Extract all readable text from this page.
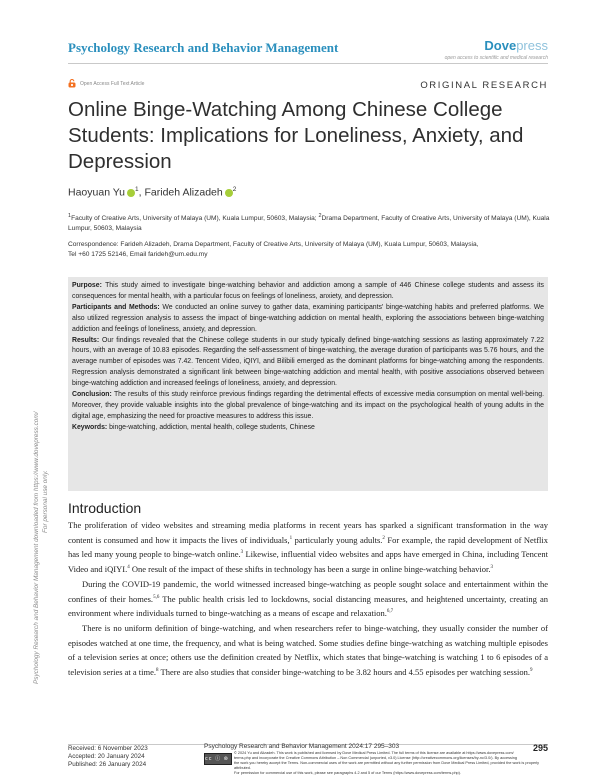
Psychology Research and Behavior Management	Dovepress
open access to scientific and medical research
Open Access Full Text Article	ORIGINAL RESEARCH
Online Binge-Watching Among Chinese College Students: Implications for Loneliness, Anxiety, and Depression
Haoyuan Yu $^1$, Farideh Alizadeh $^2$
$^1$Faculty of Creative Arts, University of Malaya (UM), Kuala Lumpur, 50603, Malaysia; $^2$Drama Department, Faculty of Creative Arts, University of Malaya (UM), Kuala Lumpur, 50603, Malaysia
Correspondence: Farideh Alizadeh, Drama Department, Faculty of Creative Arts, University of Malaya (UM), Kuala Lumpur, 50603, Malaysia,
Tel +60 1725 52146, Email farideh@um.edu.my

Purpose: This study aimed to investigate binge-watching behavior and addiction among a sample of 446 Chinese college students and assess its consequences for mental health, with a particular focus on feelings of loneliness, anxiety, and depression.

Participants and Methods: We conducted an online survey to gather data, examining participants' binge-watching habits and preferred platforms. We also utilized regression analysis to assess the impact of binge-watching addiction on mental health, exploring the associations between binge-watching addiction and feelings of loneliness, anxiety, and depression.

Results: Our findings revealed that the Chinese college students in our study typically defined binge-watching sessions as lasting approximately 7.22 hours, with an average of 10.83 episodes. Regarding the self-assessment of binge-watching, the average duration of participants was 5.76 hours, and the average number of episodes was 7.42. Tencent Video, iQIYI, and Bilibili emerged as the dominant platforms for binge-watching among the respondents. Regression analysis demonstrated a significant link between binge-watching addiction and mental health, with positive associations observed between binge-watching addiction and increased feelings of loneliness, anxiety, and depression.

Conclusion: The results of this study reinforce previous findings regarding the detrimental effects of excessive media consumption on mental well-being. Moreover, they provide valuable insights into the global prevalence of binge-watching and its impact on the psychological health of young adults in the digital age, emphasizing the need for proactive measures to address this issue.

Keywords: binge-watching, addiction, mental health, college students, Chinese

Introduction

The proliferation of video websites and streaming media platforms in recent years has sparked a significant transformation in the way content is consumed and how it impacts the lives of individuals,$^1$ particularly young adults.$^2$ For example, the rapid development of Netflix has led many young people to binge-watch online.$^3$ Likewise, influential video websites and apps have emerged in China, including Tencent Video and iQIYI.$^4$ One result of the impact of these shifts in technology has been a surge in online binge-watching behavior.$^3$

During the COVID-19 pandemic, the world witnessed increased binge-watching as people sought solace and entertainment within the confines of their homes.$^{5,6}$ The public health crisis led to lockdowns, social distancing measures, and heightened uncertainty, creating an environment where individuals turned to binge-watching as a means of escape and relaxation.$^{6,7}$

There is no uniform definition of binge-watching, and when researchers refer to binge-watching, they usually consider the number of episodes watched at one time, the frequency, and what is being watched. Some studies define binge-watching as watching multiple episodes of a television series at once; others use the definition created by Netflix, which states that binge-watching is watching 1 to 6 episodes of a television series at a time.$^8$ There are also studies that consider binge-watching to be 3.82 hours and 4.55 episodes per watching session.$^9$

Psychology Research and Behavior Management downloaded from https://www.dovepress.com/ For personal use only.
Received: 6 November 2023
Accepted: 20 January 2024
Published: 26 January 2024
Psychology Research and Behavior Management 2024:17 295–303	295
cc ⓘ ⊜
© 2024 Yu and Alizadeh. This work is published and licensed by Dove Medical Press Limited. The full terms of this license are available at https://www.dovepress.com/
terms.php and incorporate the Creative Commons Attribution – Non Commercial (unported, v3.0) License (http://creativecommons.org/licenses/by-nc/3.0/). By accessing
the work you hereby accept the Terms. Non-commercial uses of the work are permitted without any further permission from Dove Medical Press Limited, provided the work is properly attributed.
For permission for commercial use of this work, please see paragraphs 4.2 and 5 of our Terms (https://www.dovepress.com/terms.php).
